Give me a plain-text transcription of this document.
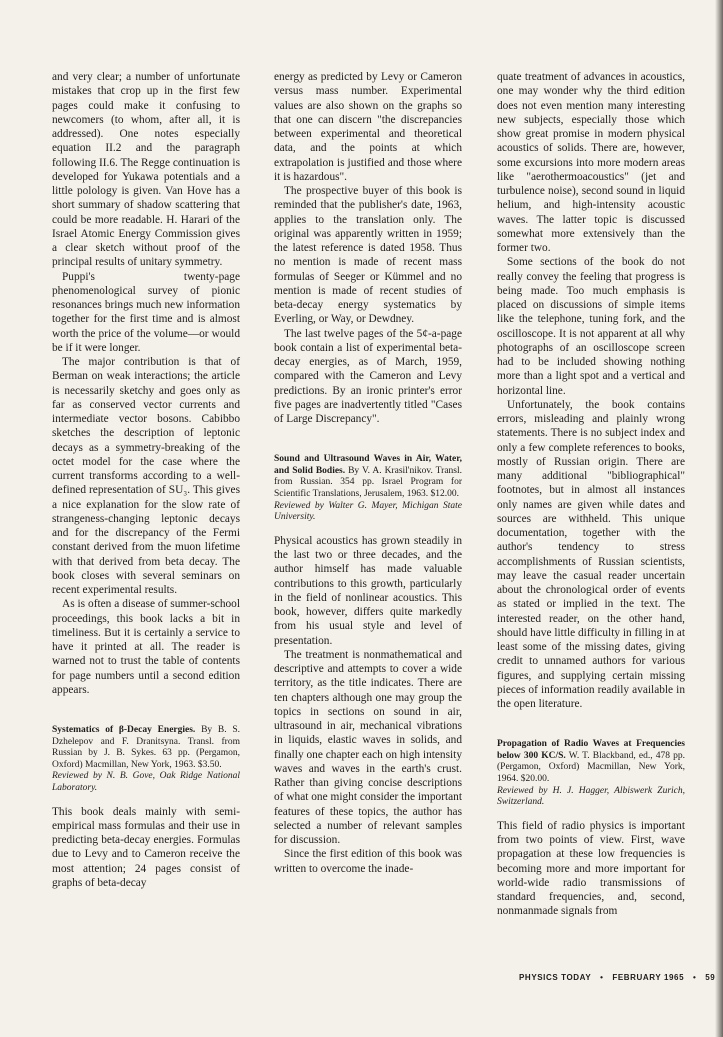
and very clear; a number of unfortunate mistakes that crop up in the first few pages could make it confusing to newcomers (to whom, after all, it is addressed). One notes especially equation II.2 and the paragraph following II.6. The Regge continuation is developed for Yukawa potentials and a little polology is given. Van Hove has a short summary of shadow scattering that could be more readable. H. Harari of the Israel Atomic Energy Commission gives a clear sketch without proof of the principal results of unitary symmetry.

Puppi's twenty-page phenomenological survey of pionic resonances brings much new information together for the first time and is almost worth the price of the volume—or would be if it were longer.

The major contribution is that of Berman on weak interactions; the article is necessarily sketchy and goes only as far as conserved vector currents and intermediate vector bosons. Cabibbo sketches the description of leptonic decays as a symmetry-breaking of the octet model for the case where the current transforms according to a well-defined representation of SU₃. This gives a nice explanation for the slow rate of strangeness-changing leptonic decays and for the discrepancy of the Fermi constant derived from the muon lifetime with that derived from beta decay. The book closes with several seminars on recent experimental results.

As is often a disease of summer-school proceedings, this book lacks a bit in timeliness. But it is certainly a service to have it printed at all. The reader is warned not to trust the table of contents for page numbers until a second edition appears.

Systematics of β-Decay Energies. By B. S. Dzhelepov and F. Dranitsyna. Transl. from Russian by J. B. Sykes. 63 pp. (Pergamon, Oxford) Macmillan, New York, 1963. $3.50.
Reviewed by N. B. Gove, Oak Ridge National Laboratory.

This book deals mainly with semi-empirical mass formulas and their use in predicting beta-decay energies. Formulas due to Levy and to Cameron receive the most attention; 24 pages consist of graphs of beta-decay

energy as predicted by Levy or Cameron versus mass number. Experimental values are also shown on the graphs so that one can discern "the discrepancies between experimental and theoretical data, and the points at which extrapolation is justified and those where it is hazardous".

The prospective buyer of this book is reminded that the publisher's date, 1963, applies to the translation only. The original was apparently written in 1959; the latest reference is dated 1958. Thus no mention is made of recent mass formulas of Seeger or Kümmel and no mention is made of recent studies of beta-decay energy systematics by Everling, or Way, or Dewdney.

The last twelve pages of the 5¢-a-page book contain a list of experimental beta-decay energies, as of March, 1959, compared with the Cameron and Levy predictions. By an ironic printer's error five pages are inadvertently titled "Cases of Large Discrepancy".

Sound and Ultrasound Waves in Air, Water, and Solid Bodies. By V. A. Krasil'nikov. Transl. from Russian. 354 pp. Israel Program for Scientific Translations, Jerusalem, 1963. $12.00.
Reviewed by Walter G. Mayer, Michigan State University.

Physical acoustics has grown steadily in the last two or three decades, and the author himself has made valuable contributions to this growth, particularly in the field of nonlinear acoustics. This book, however, differs quite markedly from his usual style and level of presentation.

The treatment is nonmathematical and descriptive and attempts to cover a wide territory, as the title indicates. There are ten chapters although one may group the topics in sections on sound in air, ultrasound in air, mechanical vibrations in liquids, elastic waves in solids, and finally one chapter each on high intensity waves and waves in the earth's crust. Rather than giving concise descriptions of what one might consider the important features of these topics, the author has selected a number of relevant samples for discussion.

Since the first edition of this book was written to overcome the inade-

quate treatment of advances in acoustics, one may wonder why the third edition does not even mention many interesting new subjects, especially those which show great promise in modern physical acoustics of solids. There are, however, some excursions into more modern areas like "aerothermoacoustics" (jet and turbulence noise), second sound in liquid helium, and high-intensity acoustic waves. The latter topic is discussed somewhat more extensively than the former two.

Some sections of the book do not really convey the feeling that progress is being made. Too much emphasis is placed on discussions of simple items like the telephone, tuning fork, and the oscilloscope. It is not apparent at all why photographs of an oscilloscope screen had to be included showing nothing more than a light spot and a vertical and horizontal line.

Unfortunately, the book contains errors, misleading and plainly wrong statements. There is no subject index and only a few complete references to books, mostly of Russian origin. There are many additional "bibliographical" footnotes, but in almost all instances only names are given while dates and sources are withheld. This unique documentation, together with the author's tendency to stress accomplishments of Russian scientists, may leave the casual reader uncertain about the chronological order of events as stated or implied in the text. The interested reader, on the other hand, should have little difficulty in filling in at least some of the missing dates, giving credit to unnamed authors for various figures, and supplying certain missing pieces of information readily available in the open literature.

Propagation of Radio Waves at Frequencies below 300 KC/S. W. T. Blackband, ed., 478 pp. (Pergamon, Oxford) Macmillan, New York, 1964. $20.00.
Reviewed by H. J. Hagger, Albiswerk Zurich, Switzerland.

This field of radio physics is important from two points of view. First, wave propagation at these low frequencies is becoming more and more important for world-wide radio transmissions of standard frequencies, and, second, nonmanmade signals from

PHYSICS TODAY • FEBRUARY 1965 • 59
